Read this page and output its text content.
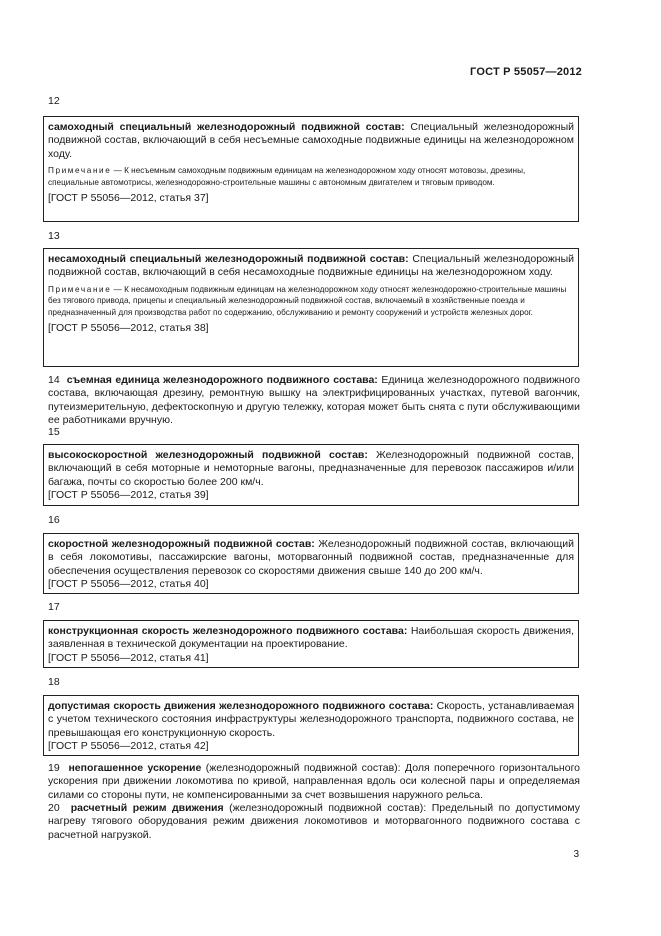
ГОСТ Р 55057—2012
12

самоходный специальный железнодорожный подвижной состав: Специальный железнодорожный подвижной состав, включающий в себя несъемные самоходные подвижные единицы на железнодорожном ходу.

Примечание — К несъемным самоходным подвижным единицам на железнодорожном ходу относят мотовозы, дрезины, специальные автомотрисы, железнодорожно-строительные машины с автономным двигателем и тяговым приводом.

[ГОСТ Р 55056—2012, статья 37]

13

несамоходный специальный железнодорожный подвижной состав: Специальный железнодорожный подвижной состав, включающий в себя несамоходные подвижные единицы на железнодорожном ходу.

Примечание — К несамоходным подвижным единицам на железнодорожном ходу относят железнодорожно-строительные машины без тягового привода, прицепы и специальный железнодорожный подвижной состав, включаемый в хозяйственные поезда и предназначенный для производства работ по содержанию, обслуживанию и ремонту сооружений и устройств железных дорог.

[ГОСТ Р 55056—2012, статья 38]

14 съемная единица железнодорожного подвижного состава: Единица железнодорожного подвижного состава, включающая дрезину, ремонтную вышку на электрифицированных участках, путевой вагончик, путеизмерительную, дефектоскопную и другую тележку, которая может быть снята с пути обслуживающими ее работниками вручную.

15

высокоскоростной железнодорожный подвижной состав: Железнодорожный подвижной состав, включающий в себя моторные и немоторные вагоны, предназначенные для перевозок пассажиров и/или багажа, почты со скоростью более 200 км/ч.

[ГОСТ Р 55056—2012, статья 39]

16

скоростной железнодорожный подвижной состав: Железнодорожный подвижной состав, включающий в себя локомотивы, пассажирские вагоны, моторвагонный подвижной состав, предназначенные для обеспечения осуществления перевозок со скоростями движения свыше 140 до 200 км/ч.

[ГОСТ Р 55056—2012, статья 40]

17

конструкционная скорость железнодорожного подвижного состава: Наибольшая скорость движения, заявленная в технической документации на проектирование.

[ГОСТ Р 55056—2012, статья 41]

18

допустимая скорость движения железнодорожного подвижного состава: Скорость, устанавливаемая с учетом технического состояния инфраструктуры железнодорожного транспорта, подвижного состава, не превышающая его конструкционную скорость.

[ГОСТ Р 55056—2012, статья 42]

19 непогашенное ускорение (железнодорожный подвижной состав): Доля поперечного горизонтального ускорения при движении локомотива по кривой, направленная вдоль оси колесной пары и определяемая силами со стороны пути, не компенсированными за счет возвышения наружного рельса.

20 расчетный режим движения (железнодорожный подвижной состав): Предельный по допустимому нагреву тягового оборудования режим движения локомотивов и моторвагонного подвижного состава с расчетной нагрузкой.

3
